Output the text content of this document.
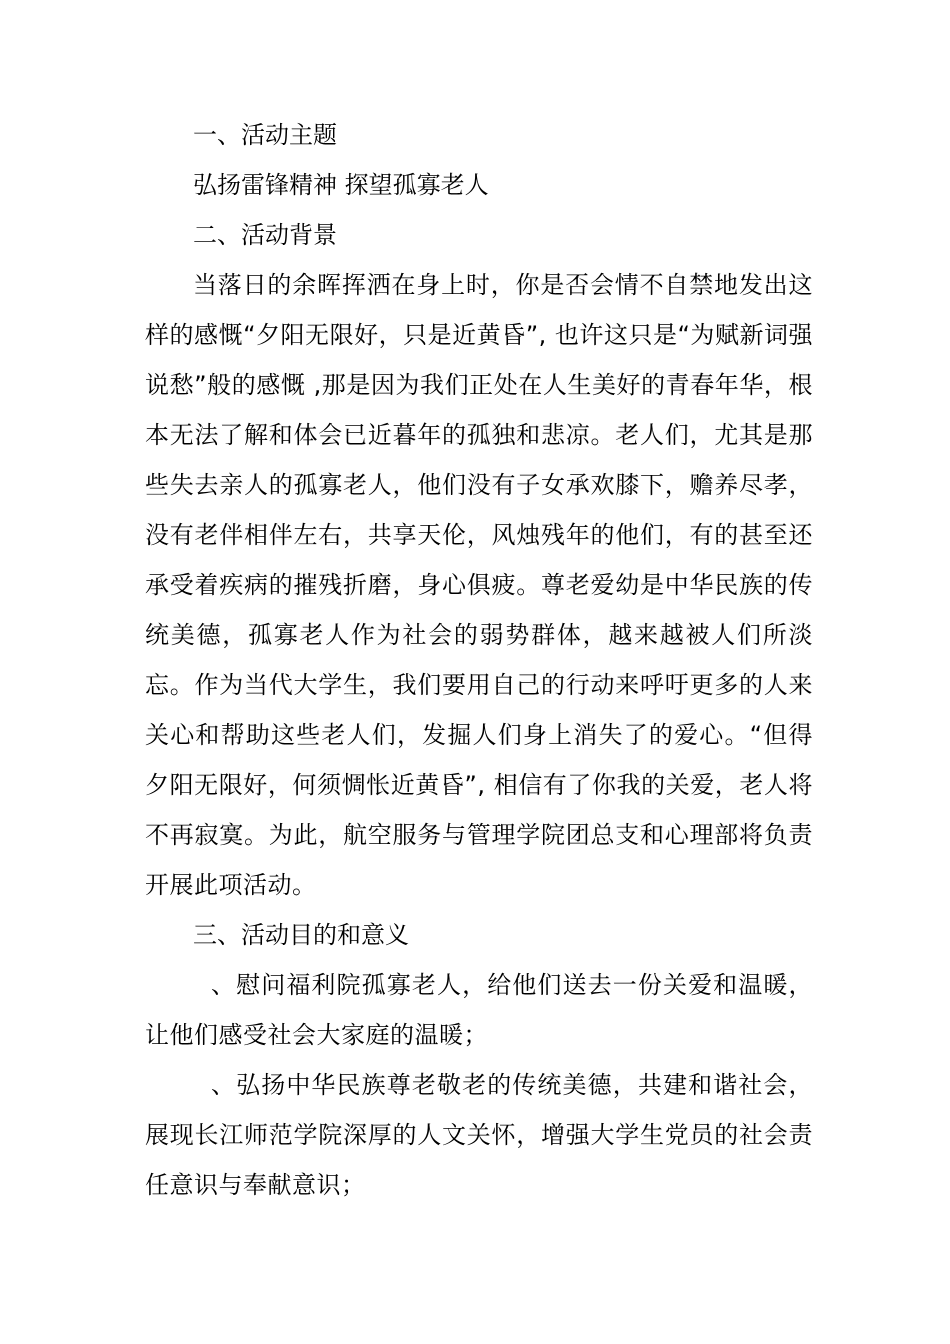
一、活动主题

弘扬雷锋精神 探望孤寡老人

二、活动背景

当落日的余晖挥洒在身上时，你是否会情不自禁地发出这样的感慨“夕阳无限好，只是近黄昏”, 也许这只是“为赋新词强说愁”般的感慨 ,那是因为我们正处在人生美好的青春年华，根本无法了解和体会已近暮年的孤独和悲凉。老人们，尤其是那些失去亲人的孤寡老人，他们没有子女承欢膝下，赡养尽孝，没有老伴相伴左右，共享天伦，风烛残年的他们，有的甚至还承受着疾病的摧残折磨，身心俱疲。尊老爱幼是中华民族的传统美德，孤寡老人作为社会的弱势群体，越来越被人们所淡忘。作为当代大学生，我们要用自己的行动来呼吁更多的人来关心和帮助这些老人们，发掘人们身上消失了的爱心。“但得夕阳无限好，何须惆怅近黄昏”, 相信有了你我的关爱，老人将不再寂寞。为此，航空服务与管理学院团总支和心理部将负责开展此项活动。

三、活动目的和意义

、慰问福利院孤寡老人，给他们送去一份关爱和温暖，让他们感受社会大家庭的温暖；

、弘扬中华民族尊老敬老的传统美德，共建和谐社会，展现长江师范学院深厚的人文关怀，增强大学生党员的社会责任意识与奉献意识；
